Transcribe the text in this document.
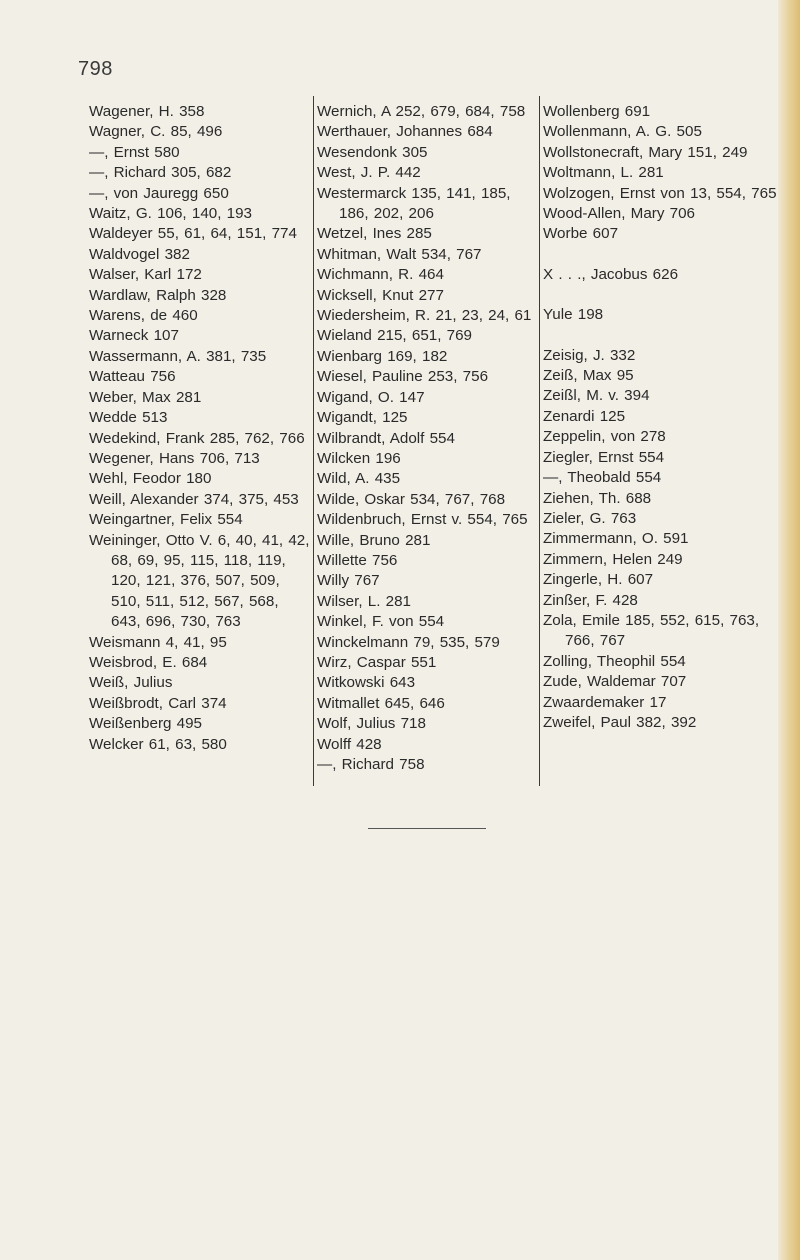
798
Wagener, H. 358
Wagner, C. 85, 496
—, Ernst 580
—, Richard 305, 682
—, von Jauregg 650
Waitz, G. 106, 140, 193
Waldeyer 55, 61, 64, 151, 774
Waldvogel 382
Walser, Karl 172
Wardlaw, Ralph 328
Warens, de 460
Warneck 107
Wassermann, A. 381, 735
Watteau 756
Weber, Max 281
Wedde 513
Wedekind, Frank 285, 762, 766
Wegener, Hans 706, 713
Wehl, Feodor 180
Weill, Alexander 374, 375, 453
Weingartner, Felix 554
Weininger, Otto V. 6, 40, 41, 42, 68, 69, 95, 115, 118, 119, 120, 121, 376, 507, 509, 510, 511, 512, 567, 568, 643, 696, 730, 763
Weismann 4, 41, 95
Weisbrod, E. 684
Weiß, Julius
Weißbrodt, Carl 374
Weißenberg 495
Welcker 61, 63, 580
Wernich, A 252, 679, 684, 758
Werthauer, Johannes 684
Wesendonk 305
West, J. P. 442
Westermarck 135, 141, 185, 186, 202, 206
Wetzel, Ines 285
Whitman, Walt 534, 767
Wichmann, R. 464
Wicksell, Knut 277
Wiedersheim, R. 21, 23, 24, 61
Wieland 215, 651, 769
Wienbarg 169, 182
Wiesel, Pauline 253, 756
Wigand, O. 147
Wigandt, 125
Wilbrandt, Adolf 554
Wilcken 196
Wild, A. 435
Wilde, Oskar 534, 767, 768
Wildenbruch, Ernst v. 554, 765
Wille, Bruno 281
Willette 756
Willy 767
Wilser, L. 281
Winkel, F. von 554
Winckelmann 79, 535, 579
Wirz, Caspar 551
Witkowski 643
Witmallet 645, 646
Wolf, Julius 718
Wolff 428
—, Richard 758
Wollenberg 691
Wollenmann, A. G. 505
Wollstonecraft, Mary 151, 249
Woltmann, L. 281
Wolzogen, Ernst von 13, 554, 765
Wood-Allen, Mary 706
Worbe 607
X . . ., Jacobus 626
Yule 198
Zeisig, J. 332
Zeiß, Max 95
Zeißl, M. v. 394
Zenardi 125
Zeppelin, von 278
Ziegler, Ernst 554
—, Theobald 554
Ziehen, Th. 688
Zieler, G. 763
Zimmermann, O. 591
Zimmern, Helen 249
Zingerle, H. 607
Zinßer, F. 428
Zola, Emile 185, 552, 615, 763, 766, 767
Zolling, Theophil 554
Zude, Waldemar 707
Zwaardemaker 17
Zweifel, Paul 382, 392
